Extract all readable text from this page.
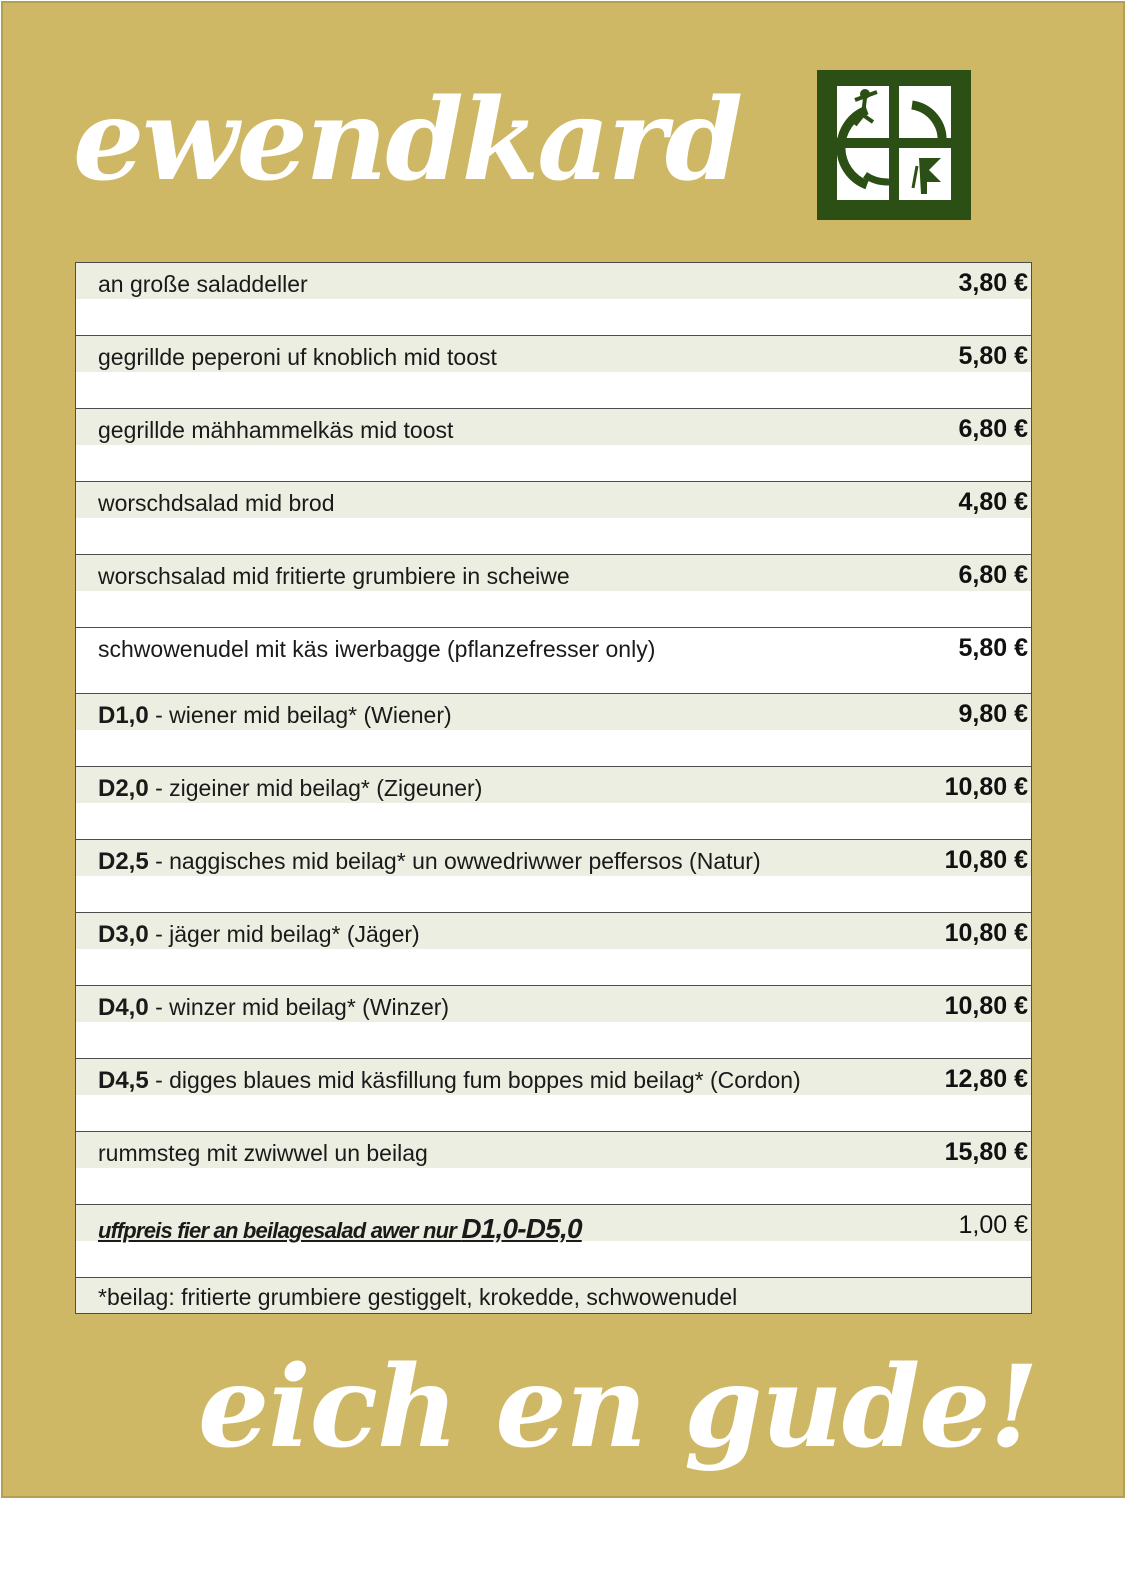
ewendkard
eich en gude!
an große saladdeller	3,80 €
gegrillde peperoni uf knoblich mid toost	5,80 €
gegrillde mähhammelkäs mid toost	6,80 €
worschdsalad mid brod	4,80 €
worschsalad mid fritierte grumbiere in scheiwe	6,80 €
schwowenudel mit käs iwerbagge (pflanzefresser only)	5,80 €
D1,0 - wiener mid beilag* (Wiener)	9,80 €
D2,0 - zigeiner mid beilag* (Zigeuner)	10,80 €
D2,5 - naggisches mid beilag* un owwedriwwer peffersos (Natur)	10,80 €
D3,0 - jäger mid beilag* (Jäger)	10,80 €
D4,0 - winzer mid beilag* (Winzer)	10,80 €
D4,5 - digges blaues mid käsfillung fum boppes mid beilag* (Cordon)	12,80 €
rummsteg mit zwiwwel un beilag	15,80 €
uffpreis fier an beilagesalad awer nur D1,0-D5,0	1,00 €
*beilag: fritierte grumbiere gestiggelt, krokedde, schwowenudel
